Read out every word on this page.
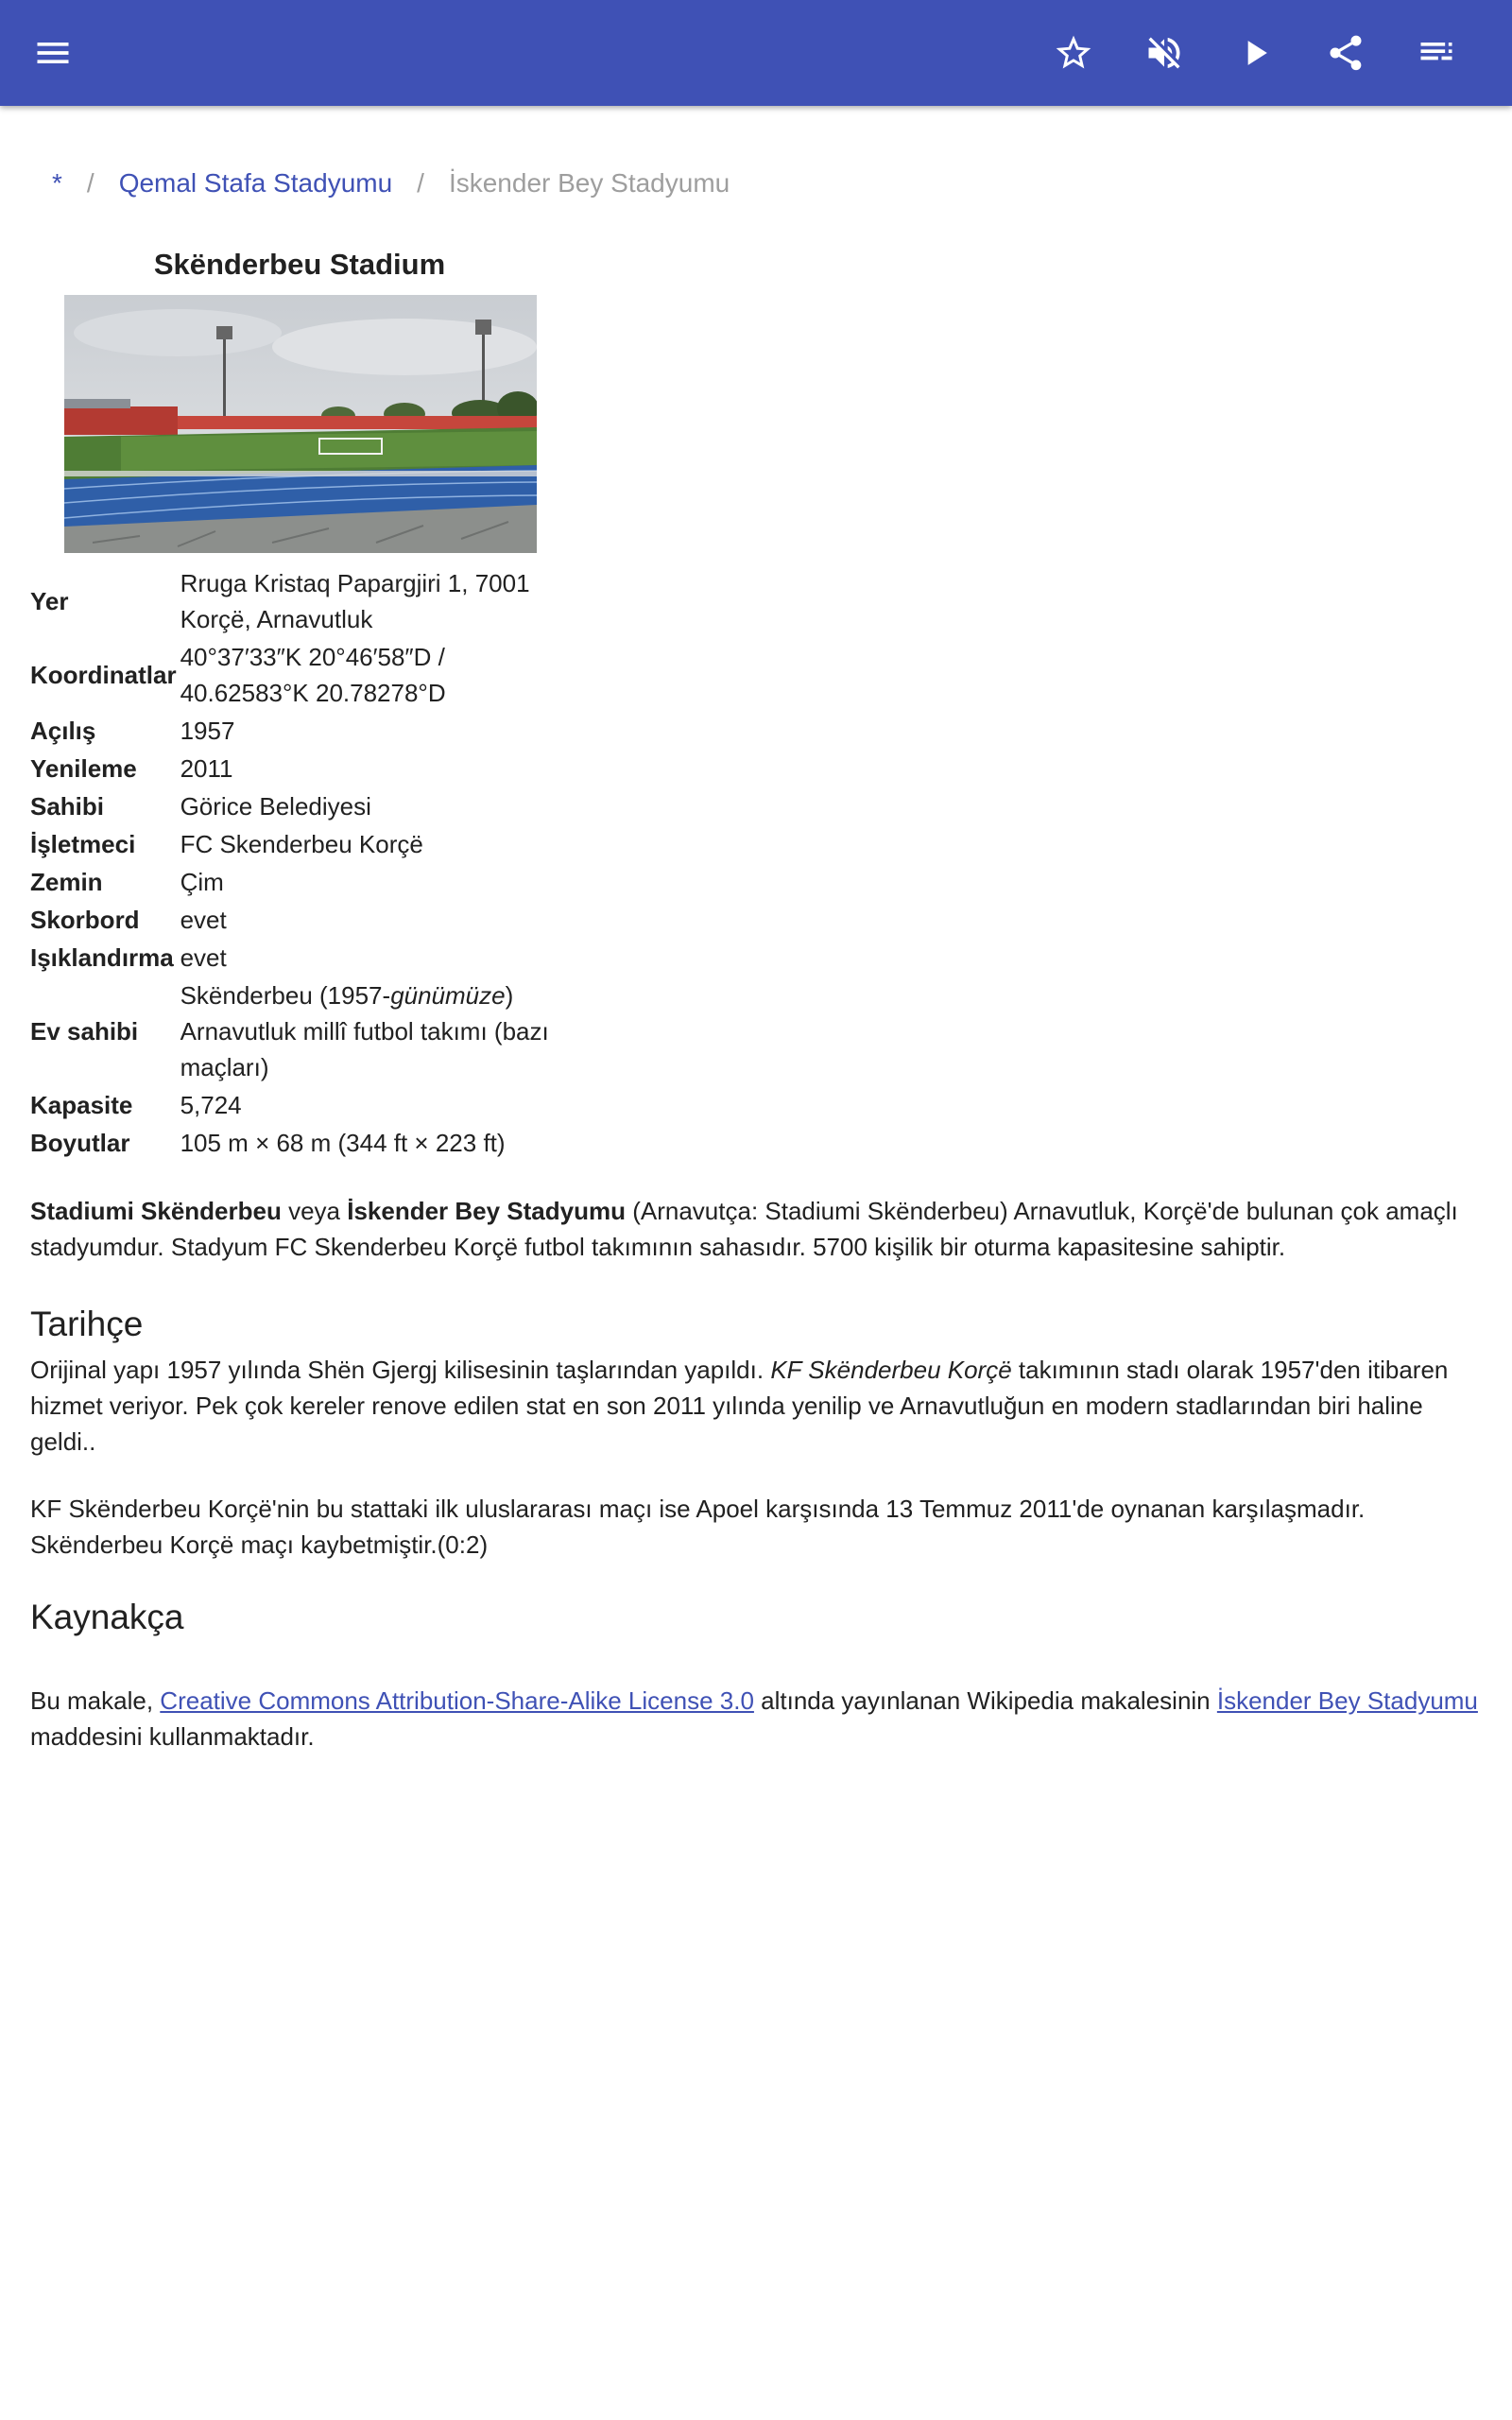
* / Qemal Stafa Stadyumu / İskender Bey Stadyumu
Skënderbeu Stadium
Yer	Rruga Kristaq Papargjiri 1, 7001 Korçë, Arnavutluk
Koordinatlar	40°37′33″K 20°46′58″D / 40.62583°K 20.78278°D
Açılış	1957
Yenileme	2011
Sahibi	Görice Belediyesi
İşletmeci	FC Skenderbeu Korçë
Zemin	Çim
Skorbord	evet
Işıklandırma	evet
Ev sahibi	Skënderbeu (1957-günümüze)
Arnavutluk millî futbol takımı (bazı maçları)
Kapasite	5,724
Boyutlar	105 m × 68 m (344 ft × 223 ft)
Stadiumi Skënderbeu veya İskender Bey Stadyumu (Arnavutça: Stadiumi Skënderbeu) Arnavutluk, Korçë'de bulunan çok amaçlı stadyumdur. Stadyum FC Skenderbeu Korçë futbol takımının sahasıdır. 5700 kişilik bir oturma kapasitesine sahiptir.
Tarihçe
Orijinal yapı 1957 yılında Shën Gjergj kilisesinin taşlarından yapıldı. KF Skënderbeu Korçë takımının stadı olarak 1957'den itibaren hizmet veriyor. Pek çok kereler renove edilen stat en son 2011 yılında yenilip ve Arnavutluğun en modern stadlarından biri haline geldi..
KF Skënderbeu Korçë'nin bu stattaki ilk uluslararası maçı ise Apoel karşısında 13 Temmuz 2011'de oynanan karşılaşmadır. Skënderbeu Korçë maçı kaybetmiştir.(0:2)
Kaynakça
Bu makale, Creative Commons Attribution-Share-Alike License 3.0 altında yayınlanan Wikipedia makalesinin İskender Bey Stadyumu maddesini kullanmaktadır.
